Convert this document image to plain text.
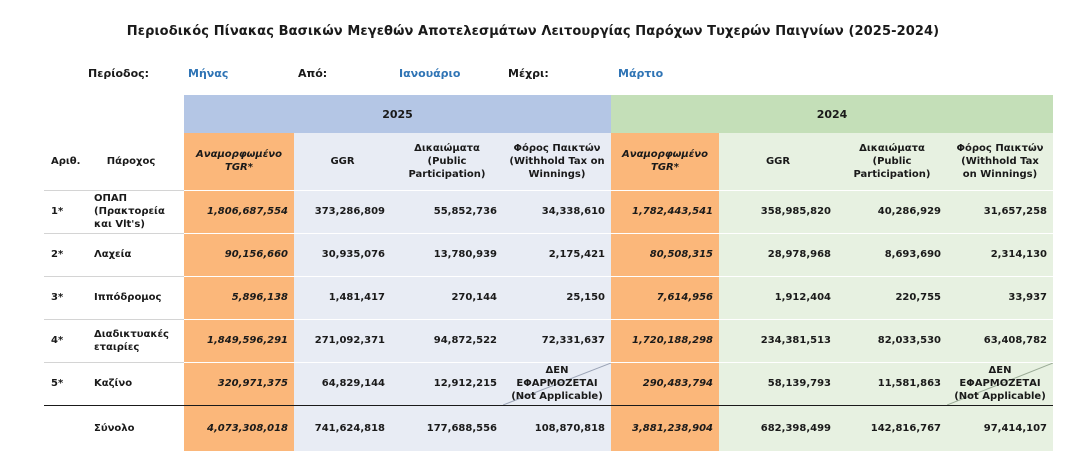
Περιοδικός Πίνακας Βασικών Μεγεθών Αποτελεσμάτων Λειτουργίας Παρόχων Τυχερών Παιγνίων (2025-2024)
Περίοδος:	Μήνας	Από:	Ιανουάριο	Μέχρι:	Μάρτιο
		2025				2024			
Αριθ.	Πάροχος	Αναμορφωμένο TGR*	GGR	Δικαιώματα (Public Participation)	Φόρος Παικτών (Withhold Tax on Winnings)	Αναμορφωμένο TGR*	GGR	Δικαιώματα (Public Participation)	Φόρος Παικτών (Withhold Tax on Winnings)
1*	ΟΠΑΠ (Πρακτορεία και Vlt's)	1,806,687,554	373,286,809	55,852,736	34,338,610	1,782,443,541	358,985,820	40,286,929	31,657,258
2*	Λαχεία	90,156,660	30,935,076	13,780,939	2,175,421	80,508,315	28,978,968	8,693,690	2,314,130
3*	Ιππόδρομος	5,896,138	1,481,417	270,144	25,150	7,614,956	1,912,404	220,755	33,937
4*	Διαδικτυακές εταιρίες	1,849,596,291	271,092,371	94,872,522	72,331,637	1,720,188,298	234,381,513	82,033,530	63,408,782
5*	Καζίνο	320,971,375	64,829,144	12,912,215	ΔΕΝ ΕΦΑΡΜΟΖΕΤΑΙ (Not Applicable)	290,483,794	58,139,793	11,581,863	ΔΕΝ ΕΦΑΡΜΟΖΕΤΑΙ (Not Applicable)
	Σύνολο	4,073,308,018	741,624,818	177,688,556	108,870,818	3,881,238,904	682,398,499	142,816,767	97,414,107
